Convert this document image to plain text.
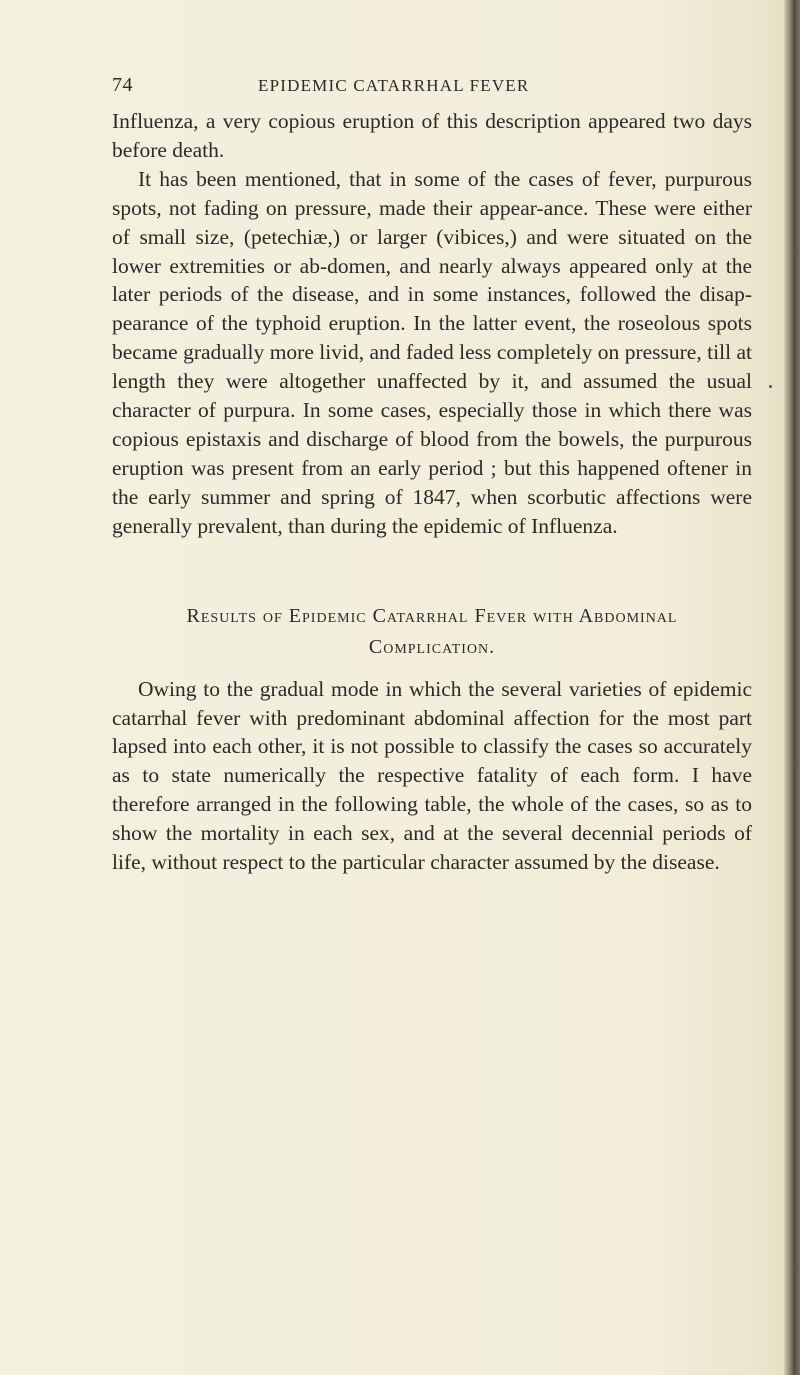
74	EPIDEMIC CATARRHAL FEVER

Influenza, a very copious eruption of this description appeared two days before death.

It has been mentioned, that in some of the cases of fever, purpurous spots, not fading on pressure, made their appear-ance. These were either of small size, (petechiæ,) or larger (vibices,) and were situated on the lower extremities or ab-domen, and nearly always appeared only at the later periods of the disease, and in some instances, followed the disap-pearance of the typhoid eruption. In the latter event, the roseolous spots became gradually more livid, and faded less completely on pressure, till at length they were altogether unaffected by it, and assumed the usual character of purpura. In some cases, especially those in which there was copious epistaxis and discharge of blood from the bowels, the purpurous eruption was present from an early period ; but this happened oftener in the early summer and spring of 1847, when scorbutic affections were generally prevalent, than during the epidemic of Influenza.

Results of Epidemic Catarrhal Fever with Abdominal
Complication.

Owing to the gradual mode in which the several varieties of epidemic catarrhal fever with predominant abdominal affection for the most part lapsed into each other, it is not possible to classify the cases so accurately as to state numerically the respective fatality of each form. I have therefore arranged in the following table, the whole of the cases, so as to show the mortality in each sex, and at the several decennial periods of life, without respect to the particular character assumed by the disease.
